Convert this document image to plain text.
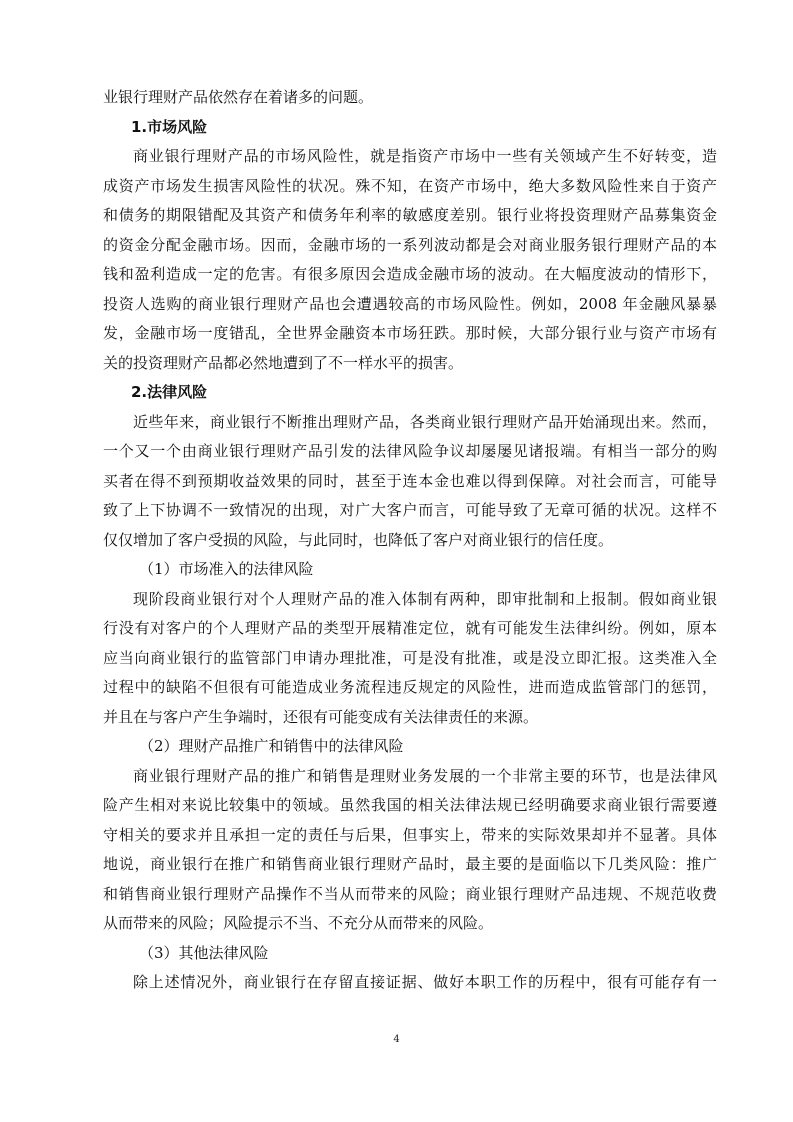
业银行理财产品依然存在着诸多的问题。
1.市场风险
商业银行理财产品的市场风险性，就是指资产市场中一些有关领域产生不好转变，造
成资产市场发生损害风险性的状况。殊不知，在资产市场中，绝大多数风险性来自于资产
和债务的期限错配及其资产和债务年利率的敏感度差别。银行业将投资理财产品募集资金
的资金分配金融市场。因而，金融市场的一系列波动都是会对商业服务银行理财产品的本
钱和盈利造成一定的危害。有很多原因会造成金融市场的波动。在大幅度波动的情形下，
投资人选购的商业银行理财产品也会遭遇较高的市场风险性。例如，2008 年金融风暴暴
发，金融市场一度错乱，全世界金融资本市场狂跌。那时候，大部分银行业与资产市场有
关的投资理财产品都必然地遭到了不一样水平的损害。
2.法律风险
近些年来，商业银行不断推出理财产品，各类商业银行理财产品开始涌现出来。然而，
一个又一个由商业银行理财产品引发的法律风险争议却屡屡见诸报端。有相当一部分的购
买者在得不到预期收益效果的同时，甚至于连本金也难以得到保障。对社会而言，可能导
致了上下协调不一致情况的出现，对广大客户而言，可能导致了无章可循的状况。这样不
仅仅增加了客户受损的风险，与此同时，也降低了客户对商业银行的信任度。
（1）市场准入的法律风险
现阶段商业银行对个人理财产品的准入体制有两种，即审批制和上报制。假如商业银
行没有对客户的个人理财产品的类型开展精准定位，就有可能发生法律纠纷。例如，原本
应当向商业银行的监管部门申请办理批准，可是没有批准，或是没立即汇报。这类准入全
过程中的缺陷不但很有可能造成业务流程违反规定的风险性，进而造成监管部门的惩罚，
并且在与客户产生争端时，还很有可能变成有关法律责任的来源。
（2）理财产品推广和销售中的法律风险
商业银行理财产品的推广和销售是理财业务发展的一个非常主要的环节，也是法律风
险产生相对来说比较集中的领域。虽然我国的相关法律法规已经明确要求商业银行需要遵
守相关的要求并且承担一定的责任与后果，但事实上，带来的实际效果却并不显著。具体
地说，商业银行在推广和销售商业银行理财产品时，最主要的是面临以下几类风险：推广
和销售商业银行理财产品操作不当从而带来的风险；商业银行理财产品违规、不规范收费
从而带来的风险；风险提示不当、不充分从而带来的风险。
（3）其他法律风险
除上述情况外，商业银行在存留直接证据、做好本职工作的历程中，很有可能存有一
4
